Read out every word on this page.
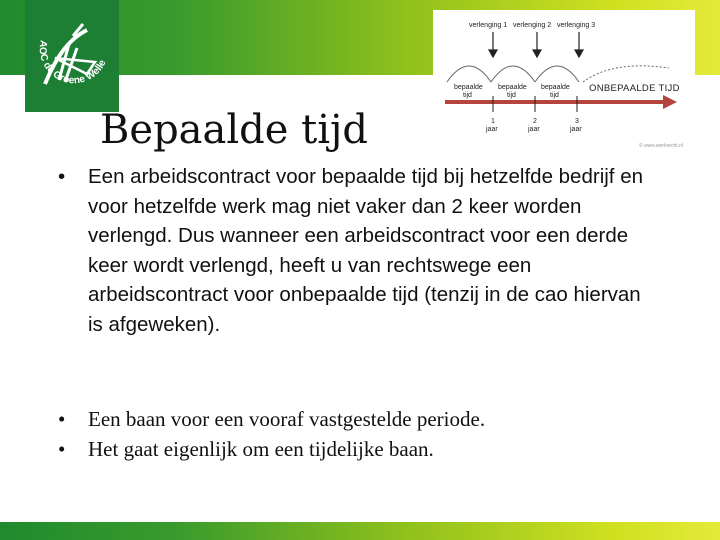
AOC de Groene Welle
verlenging 1 verlenging 2 verlenging 3
bepaalde
tijd
bepaalde
tijd
bepaalde
tijd
ONBEPAALDE TIJD
1
jaar
2
jaar
3
jaar
© www.werkrecht.nl
Bepaalde tijd
•	Een arbeidscontract voor bepaalde tijd bij hetzelfde bedrijf en voor hetzelfde werk mag niet vaker dan 2 keer worden verlengd. Dus wanneer een arbeidscontract voor een derde keer wordt verlengd, heeft u van rechtswege een arbeidscontract voor onbepaalde tijd (tenzij in de cao hiervan is afgeweken).
• Een baan voor een vooraf vastgestelde periode.
• Het gaat eigenlijk om een tijdelijke baan.
